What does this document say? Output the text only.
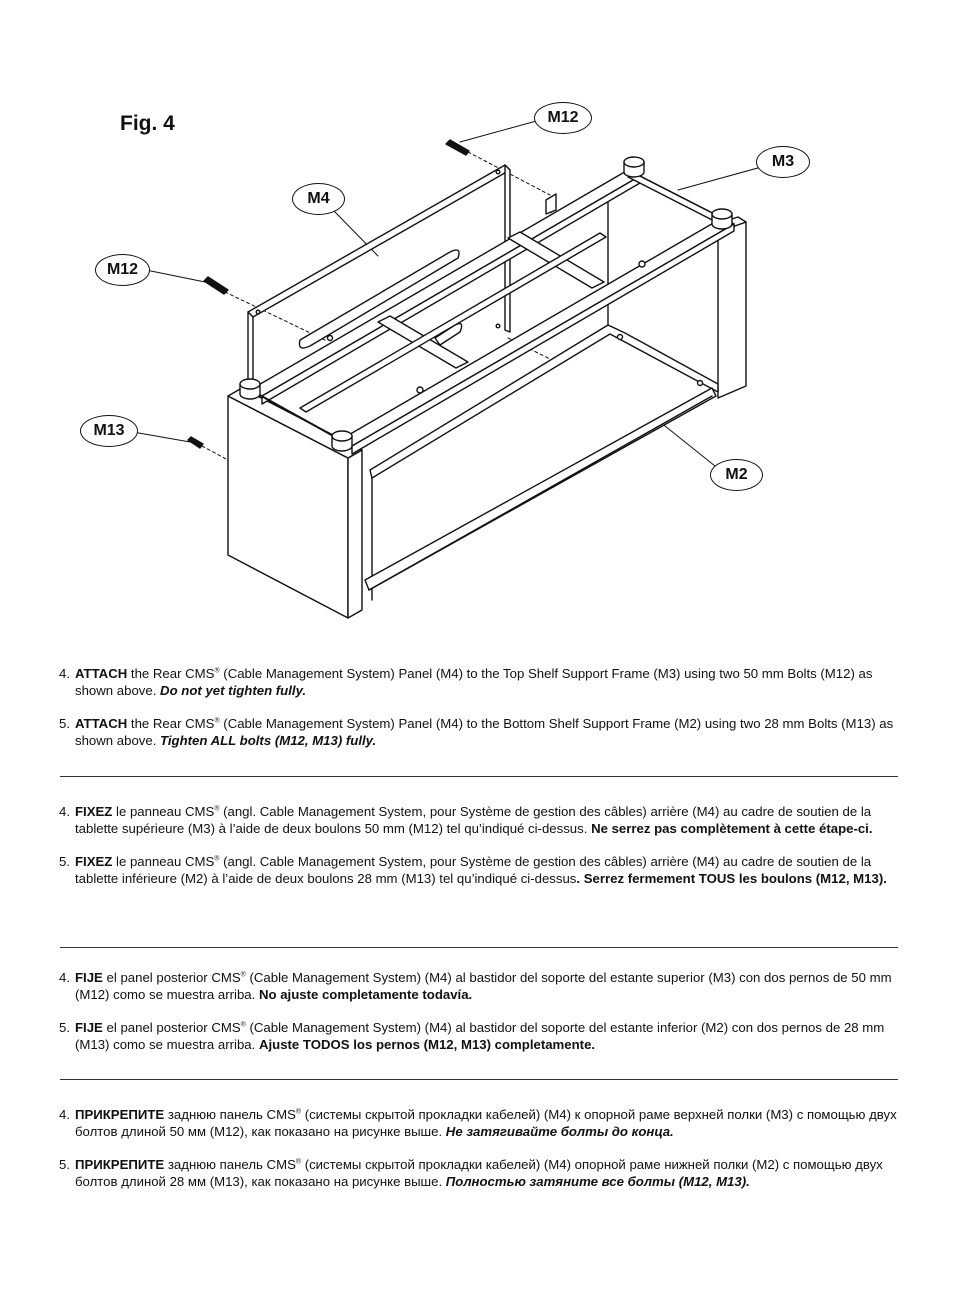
Fig. 4	M12
M3
M4
M12
M13
M2

4. ATTACH the Rear CMS® (Cable Management System) Panel (M4) to the Top Shelf Support Frame (M3) using two 50 mm Bolts (M12) as shown above. Do not yet tighten fully.

5. ATTACH the Rear CMS® (Cable Management System) Panel (M4) to the Bottom Shelf Support Frame (M2) using two 28 mm Bolts (M13) as shown above. Tighten ALL bolts (M12, M13) fully.

4. FIXEZ le panneau CMS® (angl. Cable Management System, pour Système de gestion des câbles) arrière (M4) au cadre de soutien de la tablette supérieure (M3) à l’aide de deux boulons 50 mm (M12) tel qu’indiqué ci-dessus. Ne serrez pas complètement à cette étape-ci.

5. FIXEZ le panneau CMS® (angl. Cable Management System, pour Système de gestion des câbles) arrière (M4) au cadre de soutien de la tablette inférieure (M2) à l’aide de deux boulons 28 mm (M13) tel qu’indiqué ci-dessus. Serrez fermement TOUS les boulons (M12, M13).

4. FIJE el panel posterior CMS® (Cable Management System) (M4) al bastidor del soporte del estante superior (M3) con dos pernos de 50 mm (M12) como se muestra arriba. No ajuste completamente todavía.

5. FIJE el panel posterior CMS® (Cable Management System) (M4) al bastidor del soporte del estante inferior (M2) con dos pernos de 28 mm (M13) como se muestra arriba. Ajuste TODOS los pernos (M12, M13) completamente.

4. ПРИКРЕПИТЕ заднюю панель CMS® (системы скрытой прокладки кабелей) (M4) к опорной раме верхней полки (M3) с помощью двух болтов длиной 50 мм (M12), как показано на рисунке выше. Не затягивайте болты до конца.

5. ПРИКРЕПИТЕ заднюю панель CMS® (системы скрытой прокладки кабелей) (M4) опорной раме нижней полки (M2) с помощью двух болтов длиной 28 мм (M13), как показано на рисунке выше. Полностью затяните все болты (M12, M13).
